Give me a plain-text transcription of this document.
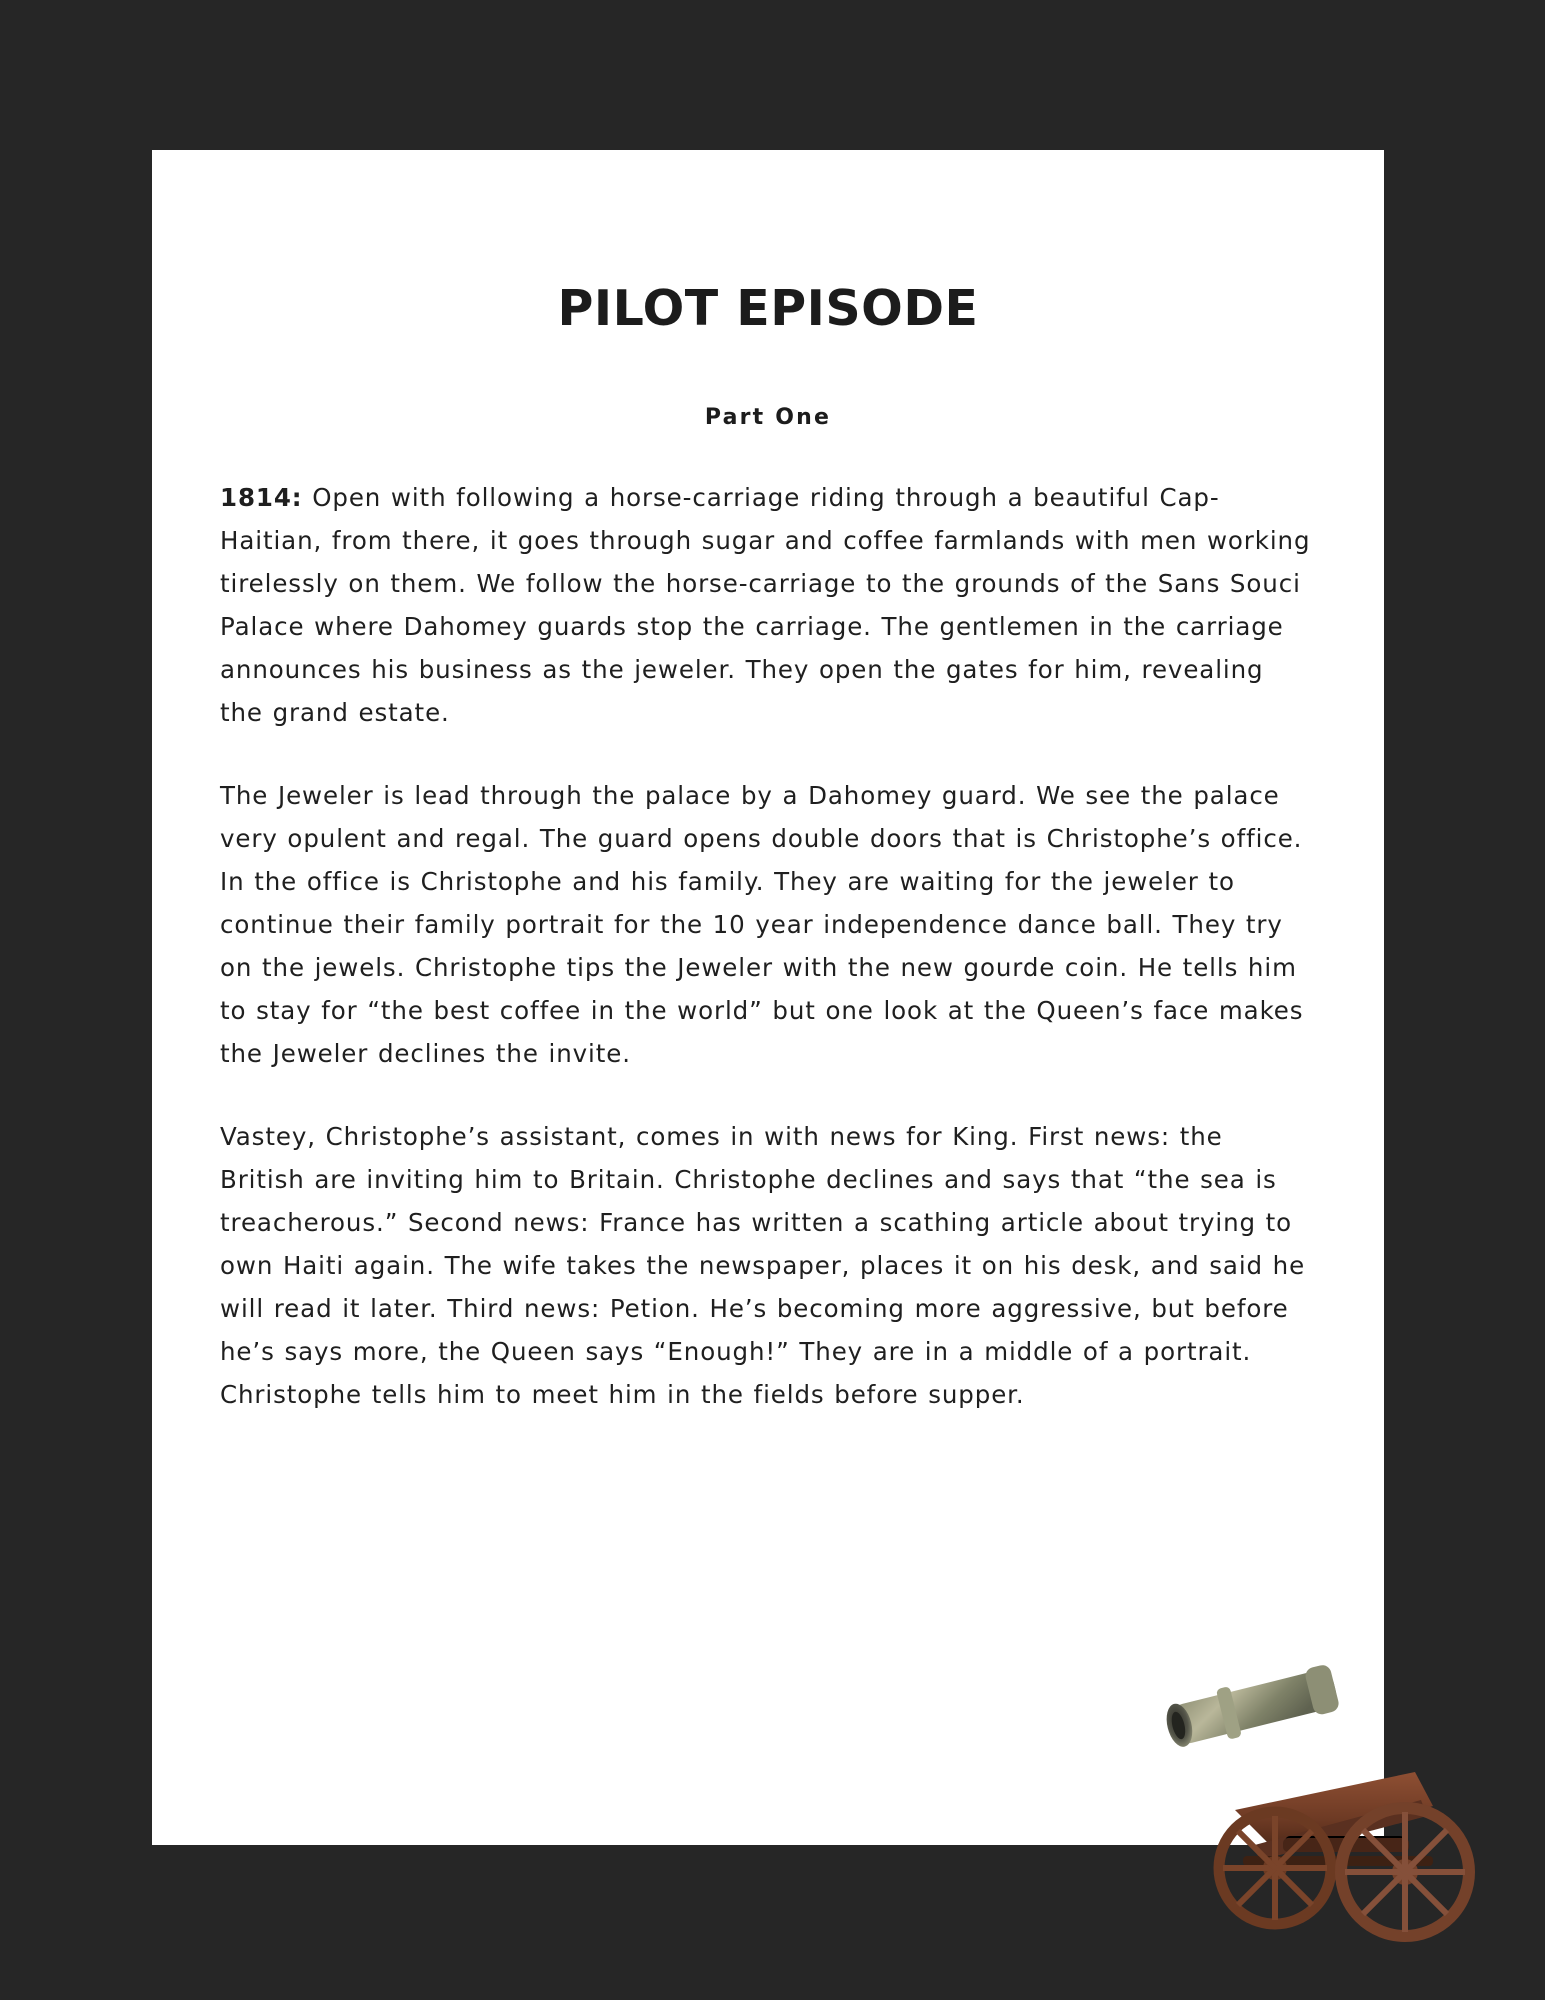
PILOT EPISODE
Part One

1814: Open with following a horse-carriage riding through a beautiful Cap-Haitian, from there, it goes through sugar and coffee farmlands with men working tirelessly on them. We follow the horse-carriage to the grounds of the Sans Souci Palace where Dahomey guards stop the carriage. The gentlemen in the carriage announces his business as the jeweler. They open the gates for him, revealing the grand estate.

The Jeweler is lead through the palace by a Dahomey guard. We see the palace very opulent and regal. The guard opens double doors that is Christophe’s office. In the office is Christophe and his family. They are waiting for the jeweler to continue their family portrait for the 10 year independence dance ball. They try on the jewels. Christophe tips the Jeweler with the new gourde coin. He tells him to stay for “the best coffee in the world” but one look at the Queen’s face makes the Jeweler declines the invite.

Vastey, Christophe’s assistant, comes in with news for King. First news: the British are inviting him to Britain. Christophe declines and says that “the sea is treacherous.” Second news: France has written a scathing article about trying to own Haiti again. The wife takes the newspaper, places it on his desk, and said he will read it later. Third news: Petion. He’s becoming more aggressive, but before he’s says more, the Queen says “Enough!” They are in a middle of a portrait. Christophe tells him to meet him in the fields before supper.
